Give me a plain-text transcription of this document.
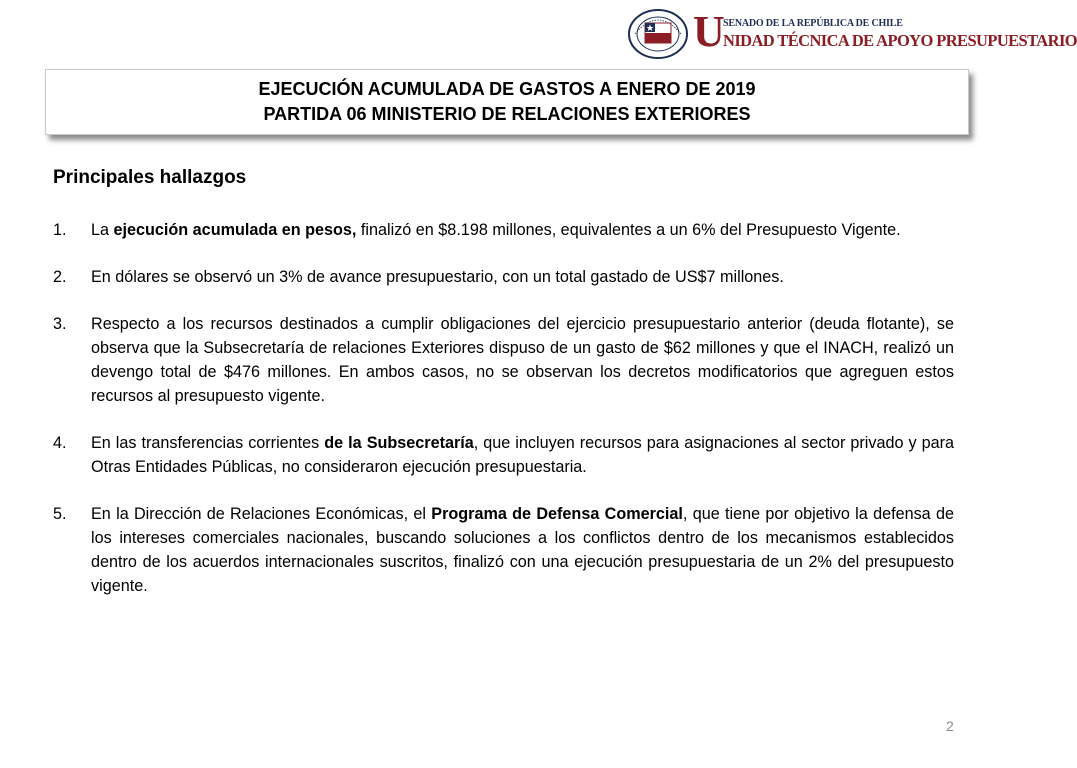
U
SENADO DE LA REPÚBLICA DE CHILE
NIDAD TÉCNICA DE APOYO PRESUPUESTARIO
EJECUCIÓN ACUMULADA DE GASTOS A ENERO DE 2019
PARTIDA 06 MINISTERIO DE RELACIONES EXTERIORES
Principales hallazgos
1. La ejecución acumulada en pesos, finalizó en $8.198 millones, equivalentes a un 6% del Presupuesto Vigente.
2. En dólares se observó un 3% de avance presupuestario, con un total gastado de US$7 millones.
3. Respecto a los recursos destinados a cumplir obligaciones del ejercicio presupuestario anterior (deuda flotante), se observa que la Subsecretaría de relaciones Exteriores dispuso de un gasto de $62 millones y que el INACH, realizó un devengo total de $476 millones. En ambos casos, no se observan los decretos modificatorios que agreguen estos recursos al presupuesto vigente.
4. En las transferencias corrientes de la Subsecretaría, que incluyen recursos para asignaciones al sector privado y para Otras Entidades Públicas, no consideraron ejecución presupuestaria.
5. En la Dirección de Relaciones Económicas, el Programa de Defensa Comercial, que tiene por objetivo la defensa de los intereses comerciales nacionales, buscando soluciones a los conflictos dentro de los mecanismos establecidos dentro de los acuerdos internacionales suscritos, finalizó con una ejecución presupuestaria de un 2% del presupuesto vigente.
2
